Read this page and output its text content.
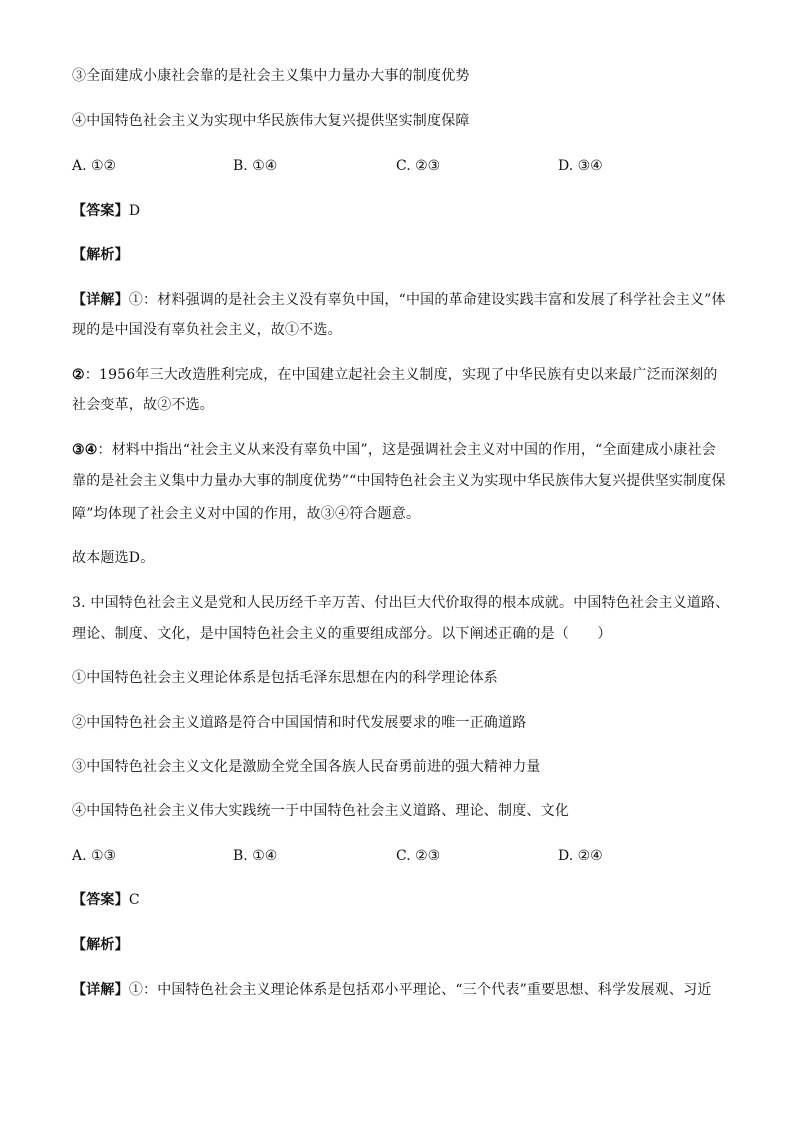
③全面建成小康社会靠的是社会主义集中力量办大事的制度优势
④中国特色社会主义为实现中华民族伟大复兴提供坚实制度保障
A. ①②	B. ①④	C. ②③	D. ③④
【答案】D
【解析】
【详解】①：材料强调的是社会主义没有辜负中国，“中国的革命建设实践丰富和发展了科学社会主义”体
现的是中国没有辜负社会主义，故①不选。
②：1956年三大改造胜利完成，在中国建立起社会主义制度，实现了中华民族有史以来最广泛而深刻的
社会变革，故②不选。
③④：材料中指出“社会主义从来没有辜负中国”，这是强调社会主义对中国的作用，“全面建成小康社会
靠的是社会主义集中力量办大事的制度优势”“中国特色社会主义为实现中华民族伟大复兴提供坚实制度保
障”均体现了社会主义对中国的作用，故③④符合题意。
故本题选D。
3. 中国特色社会主义是党和人民历经千辛万苦、付出巨大代价取得的根本成就。中国特色社会主义道路、
理论、制度、文化，是中国特色社会主义的重要组成部分。以下阐述正确的是（　　）
①中国特色社会主义理论体系是包括毛泽东思想在内的科学理论体系
②中国特色社会主义道路是符合中国国情和时代发展要求的唯一正确道路
③中国特色社会主义文化是激励全党全国各族人民奋勇前进的强大精神力量
④中国特色社会主义伟大实践统一于中国特色社会主义道路、理论、制度、文化
A. ①③	B. ①④	C. ②③	D. ②④
【答案】C
【解析】
【详解】①：中国特色社会主义理论体系是包括邓小平理论、“三个代表”重要思想、科学发展观、习近
